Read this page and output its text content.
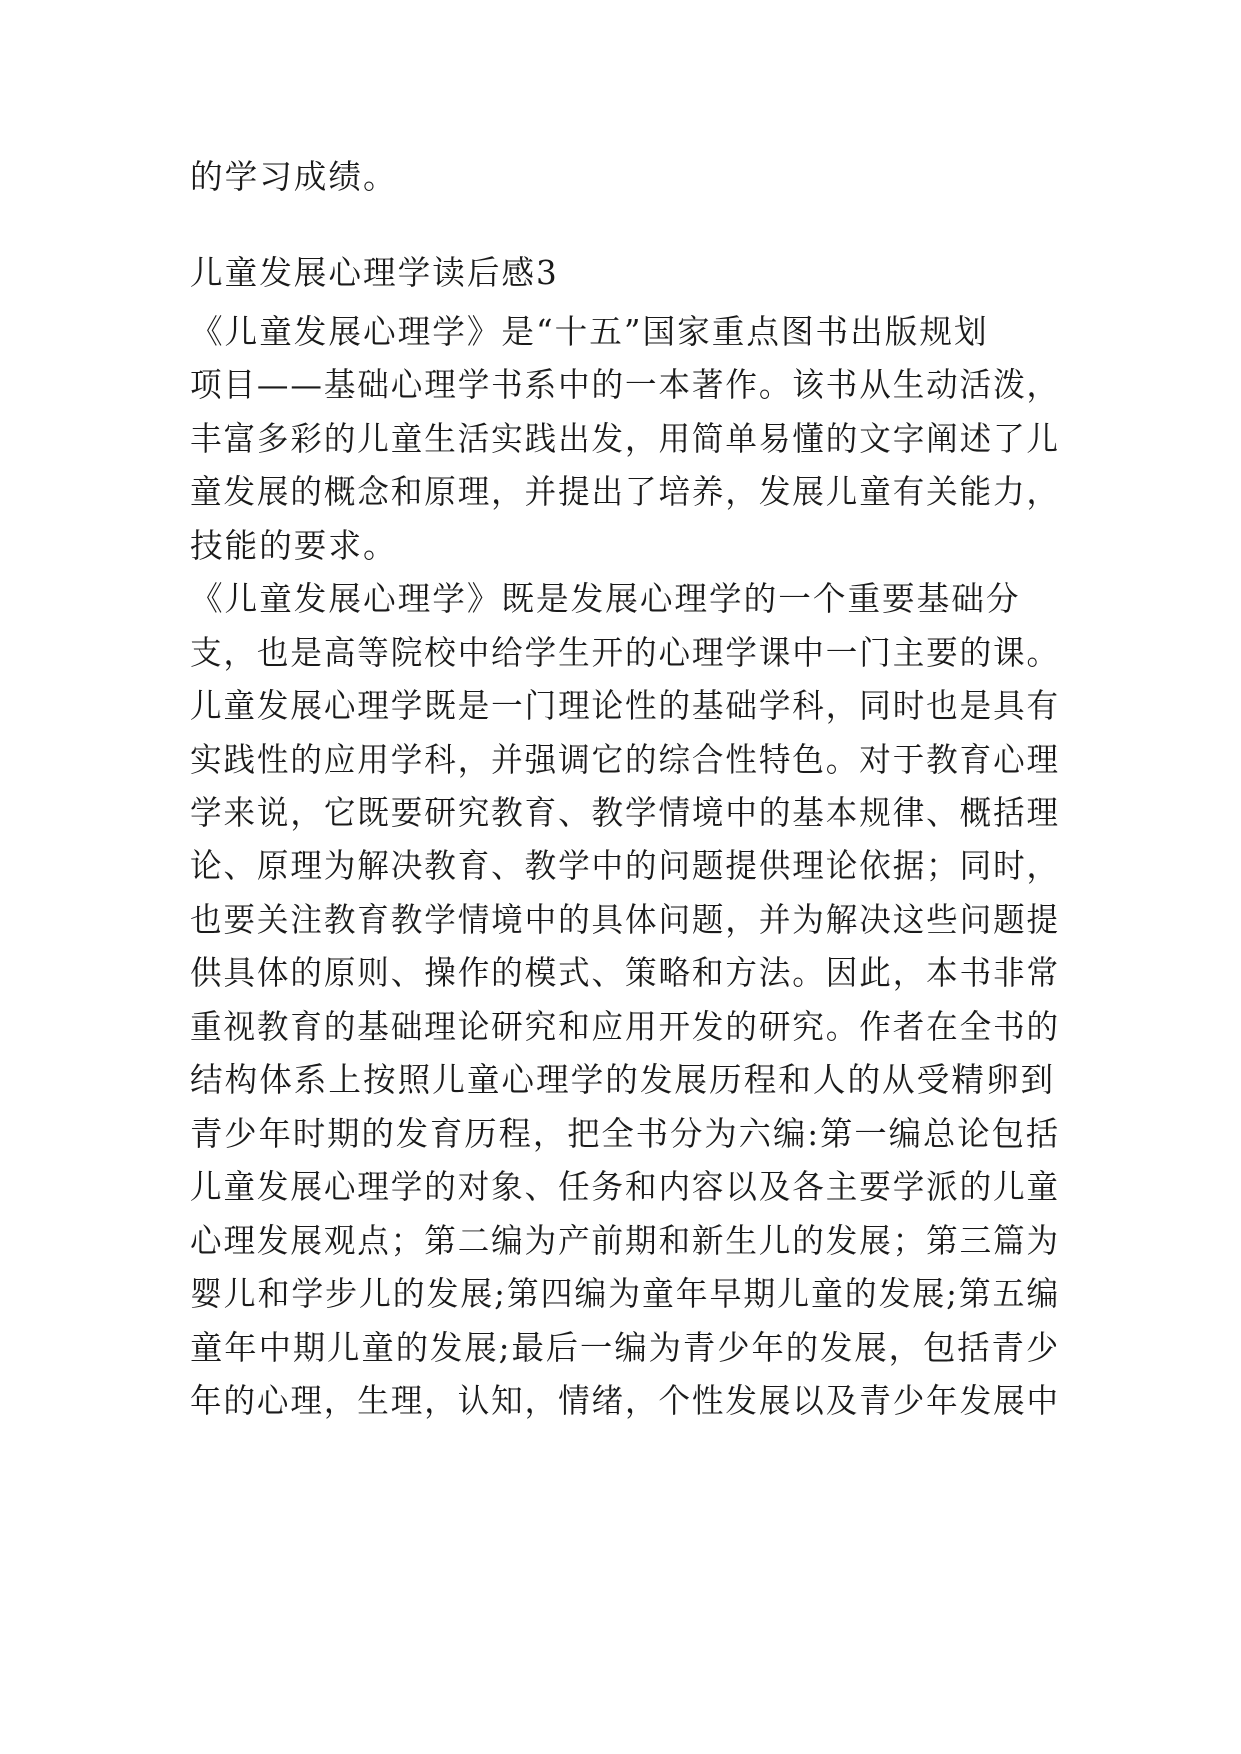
的学习成绩。
儿童发展心理学读后感3
《儿童发展心理学》是“十五”国家重点图书出版规划
项目——基础心理学书系中的一本著作。该书从生动活泼，
丰富多彩的儿童生活实践出发，用简单易懂的文字阐述了儿
童发展的概念和原理，并提出了培养，发展儿童有关能力，
技能的要求。
《儿童发展心理学》既是发展心理学的一个重要基础分
支，也是高等院校中给学生开的心理学课中一门主要的课。
儿童发展心理学既是一门理论性的基础学科，同时也是具有
实践性的应用学科，并强调它的综合性特色。对于教育心理
学来说，它既要研究教育、教学情境中的基本规律、概括理
论、原理为解决教育、教学中的问题提供理论依据；同时，
也要关注教育教学情境中的具体问题，并为解决这些问题提
供具体的原则、操作的模式、策略和方法。因此，本书非常
重视教育的基础理论研究和应用开发的研究。作者在全书的
结构体系上按照儿童心理学的发展历程和人的从受精卵到
青少年时期的发育历程，把全书分为六编:第一编总论包括
儿童发展心理学的对象、任务和内容以及各主要学派的儿童
心理发展观点；第二编为产前期和新生儿的发展；第三篇为
婴儿和学步儿的发展;第四编为童年早期儿童的发展;第五编
童年中期儿童的发展;最后一编为青少年的发展，包括青少
年的心理，生理，认知，情绪，个性发展以及青少年发展中
